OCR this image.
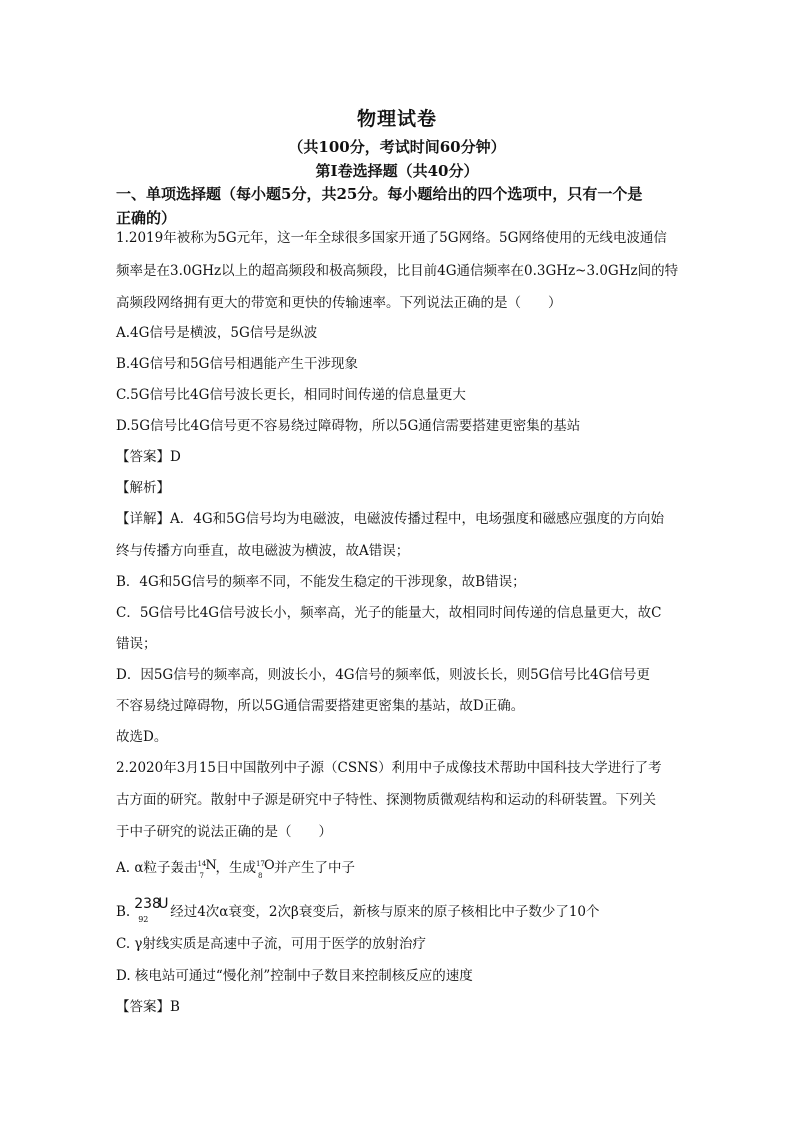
物理试卷
（共100分，考试时间60分钟）
第I卷选择题（共40分）
一、单项选择题（每小题5分，共25分。每小题给出的四个选项中，只有一个是
正确的）
1.2019年被称为5G元年，这一年全球很多国家开通了5G网络。5G网络使用的无线电波通信
频率是在3.0GHz以上的超高频段和极高频段，比目前4G通信频率在0.3GHz~3.0GHz间的特
高频段网络拥有更大的带宽和更快的传输速率。下列说法正确的是（　　）
A.4G信号是横波，5G信号是纵波
B.4G信号和5G信号相遇能产生干涉现象
C.5G信号比4G信号波长更长，相同时间传递的信息量更大
D.5G信号比4G信号更不容易绕过障碍物，所以5G通信需要搭建更密集的基站
【答案】D
【解析】
【详解】A．4G和5G信号均为电磁波，电磁波传播过程中，电场强度和磁感应强度的方向始
终与传播方向垂直，故电磁波为横波，故A错误；
B．4G和5G信号的频率不同，不能发生稳定的干涉现象，故B错误；
C．5G信号比4G信号波长小，频率高，光子的能量大，故相同时间传递的信息量更大，故C
错误；
D．因5G信号的频率高，则波长小，4G信号的频率低，则波长长，则5G信号比4G信号更
不容易绕过障碍物，所以5G通信需要搭建更密集的基站，故D正确。
故选D。
2.2020年3月15日中国散列中子源（CSNS）利用中子成像技术帮助中国科技大学进行了考
古方面的研究。散射中子源是研究中子特性、探测物质微观结构和运动的科研装置。下列关
于中子研究的说法正确的是（　　）
A. α粒子轰击 14
7
N
，生成 17
8
O 并产生了中子
B. 238
U
92 经过4次α衰变，2次β衰变后，新核与原来的原子核相比中子数少了10个
C. γ射线实质是高速中子流，可用于医学的放射治疗
D. 核电站可通过“慢化剂”控制中子数目来控制核反应的速度
【答案】B
